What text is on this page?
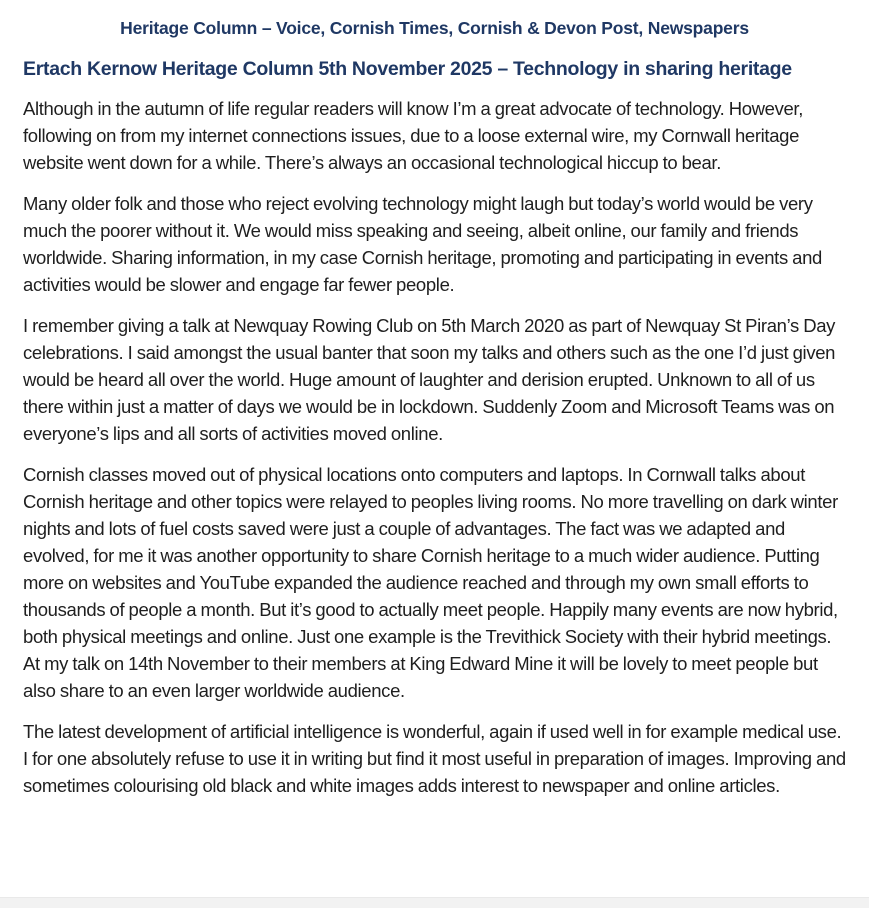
Heritage Column – Voice, Cornish Times, Cornish & Devon Post, Newspapers
Ertach Kernow Heritage Column 5th November 2025 – Technology in sharing heritage

Although in the autumn of life regular readers will know I’m a great advocate of technology. However, following on from my internet connections issues, due to a loose external wire, my Cornwall heritage website went down for a while. There’s always an occasional technological hiccup to bear.

Many older folk and those who reject evolving technology might laugh but today’s world would be very much the poorer without it. We would miss speaking and seeing, albeit online, our family and friends worldwide. Sharing information, in my case Cornish heritage, promoting and participating in events and activities would be slower and engage far fewer people.

I remember giving a talk at Newquay Rowing Club on 5th March 2020 as part of Newquay St Piran’s Day celebrations. I said amongst the usual banter that soon my talks and others such as the one I’d just given would be heard all over the world. Huge amount of laughter and derision erupted. Unknown to all of us there within just a matter of days we would be in lockdown. Suddenly Zoom and Microsoft Teams was on everyone’s lips and all sorts of activities moved online.

Cornish classes moved out of physical locations onto computers and laptops. In Cornwall talks about Cornish heritage and other topics were relayed to peoples living rooms. No more travelling on dark winter nights and lots of fuel costs saved were just a couple of advantages. The fact was we adapted and evolved, for me it was another opportunity to share Cornish heritage to a much wider audience. Putting more on websites and YouTube expanded the audience reached and through my own small efforts to thousands of people a month. But it’s good to actually meet people. Happily many events are now hybrid, both physical meetings and online. Just one example is the Trevithick Society with their hybrid meetings. At my talk on 14th November to their members at King Edward Mine it will be lovely to meet people but also share to an even larger worldwide audience.

The latest development of artificial intelligence is wonderful, again if used well in for example medical use. I for one absolutely refuse to use it in writing but find it most useful in preparation of images. Improving and sometimes colourising old black and white images adds interest to newspaper and online articles.
